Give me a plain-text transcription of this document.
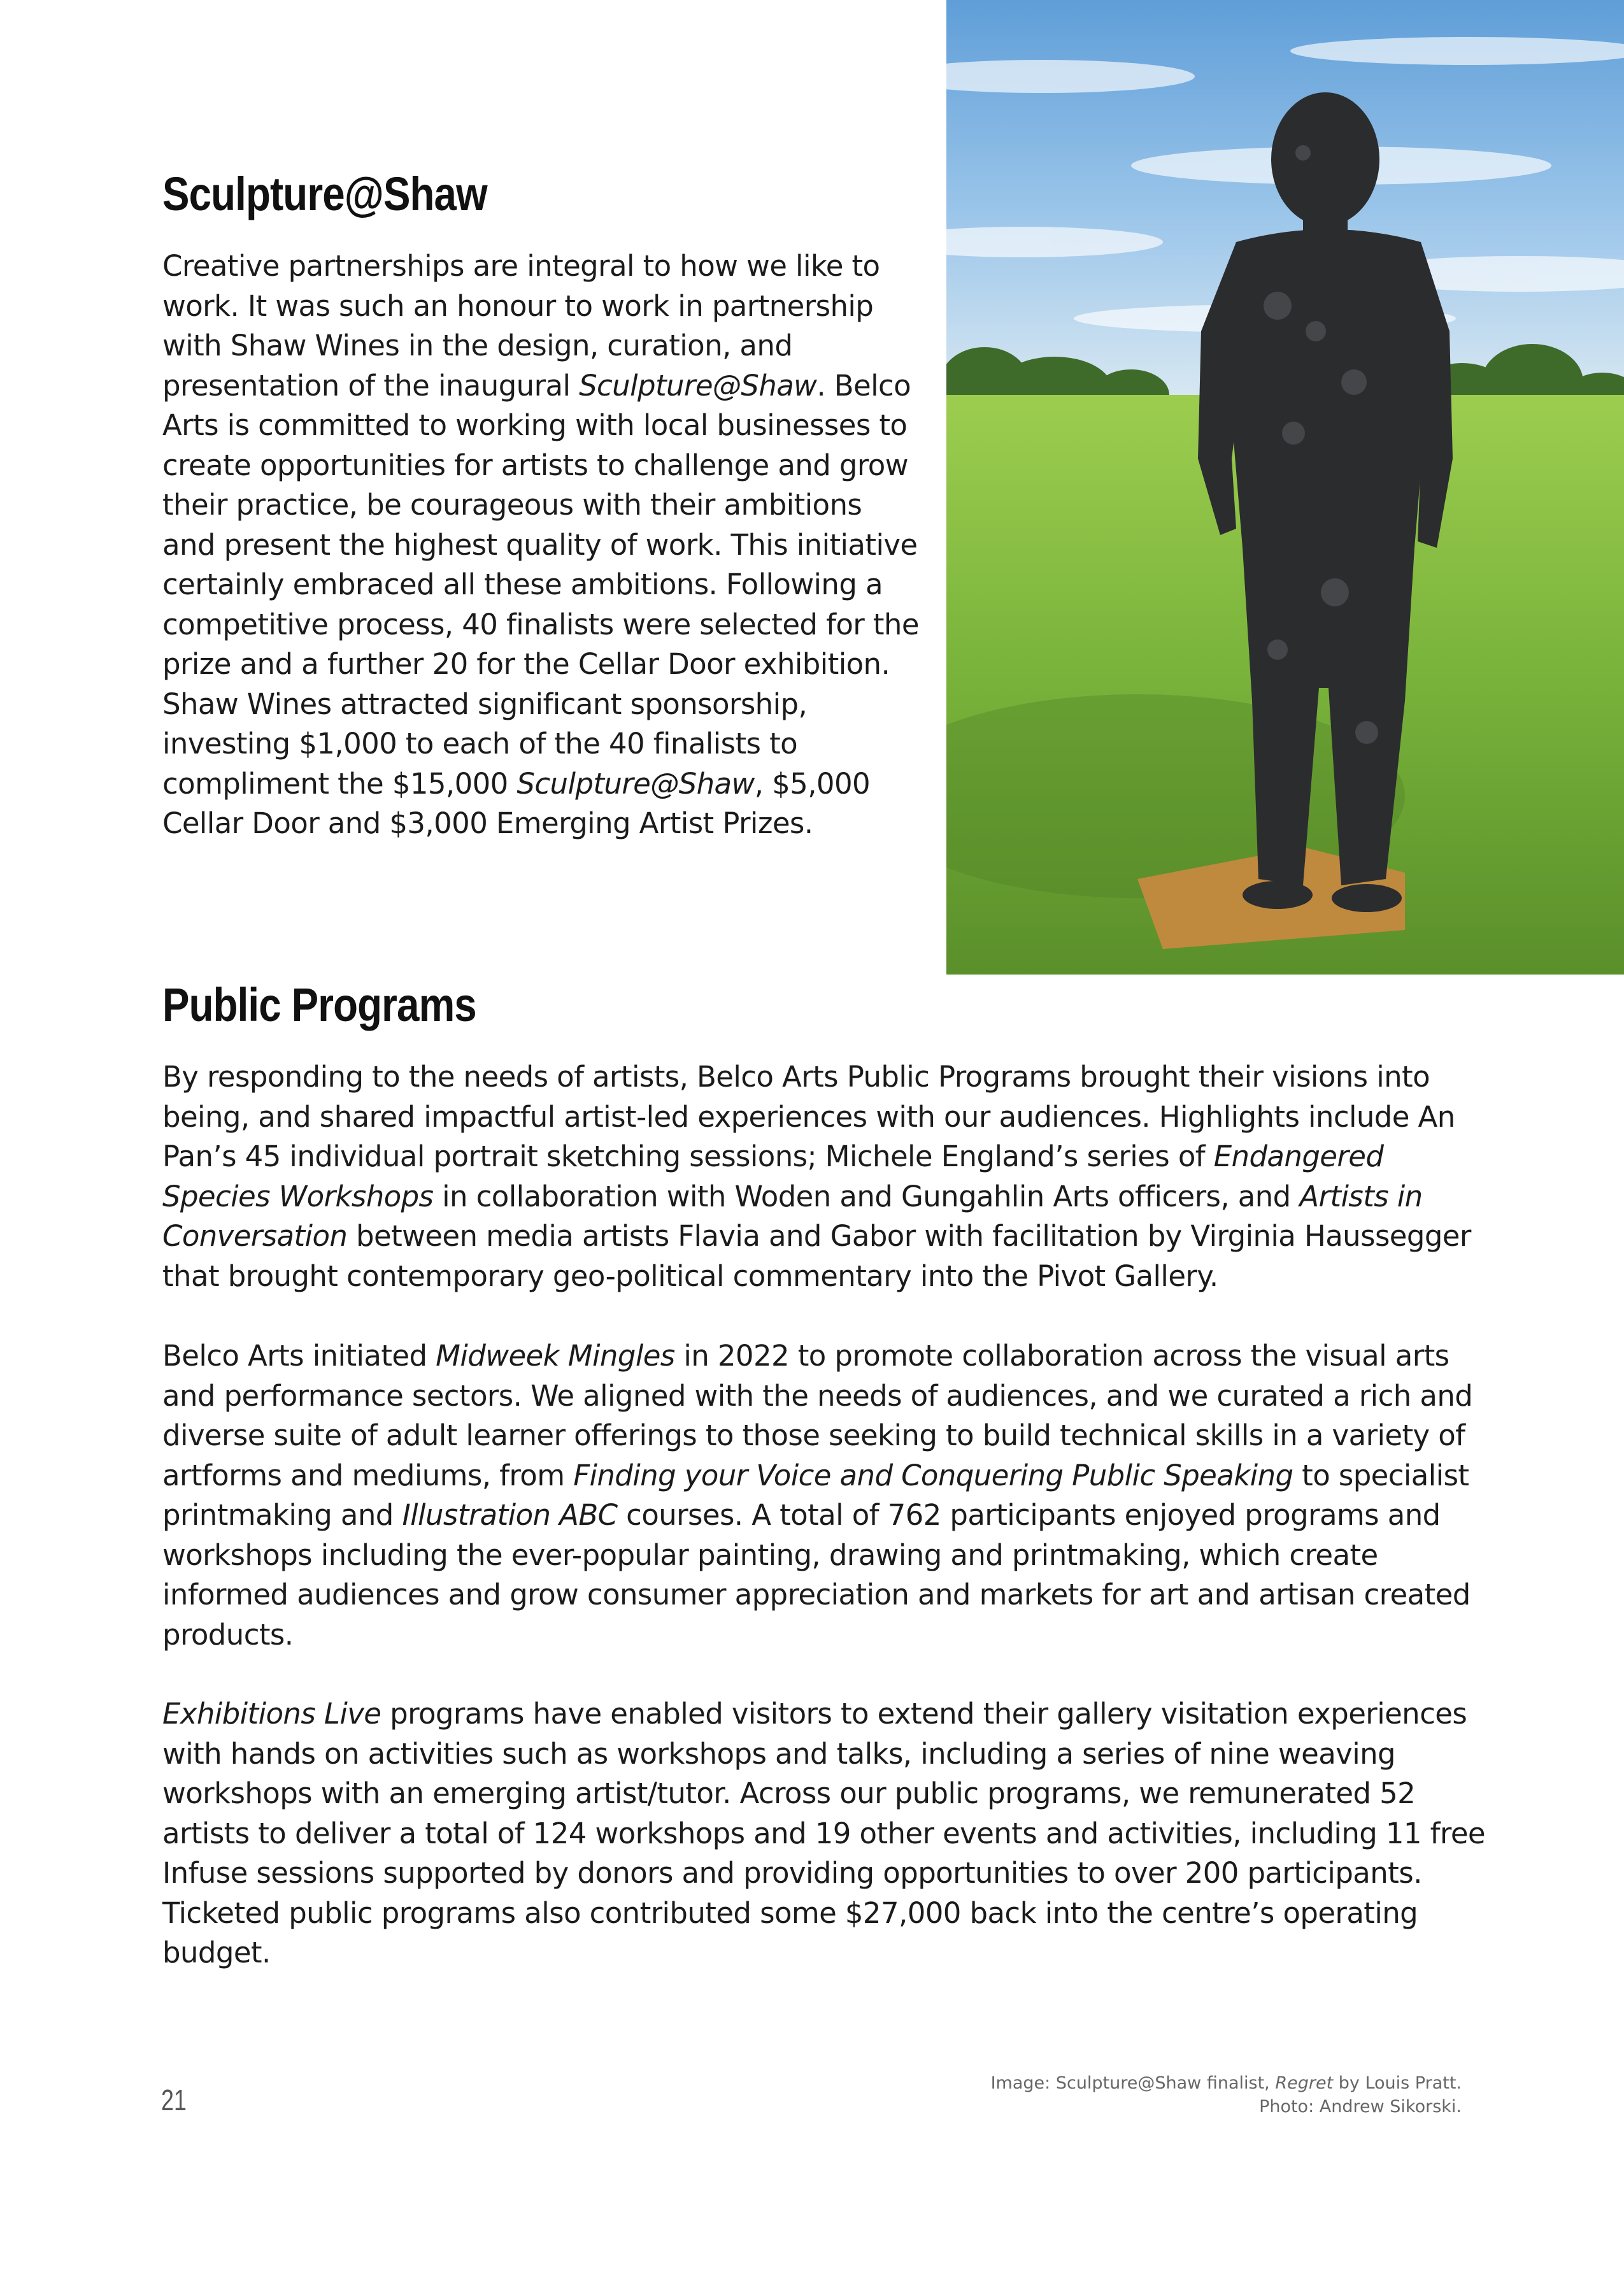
Sculpture@Shaw

Creative partnerships are integral to how we like to work. It was such an honour to work in partnership with Shaw Wines in the design, curation, and presentation of the inaugural Sculpture@Shaw. Belco Arts is committed to working with local businesses to create opportunities for artists to challenge and grow their practice, be courageous with their ambitions and present the highest quality of work. This initiative certainly embraced all these ambitions. Following a competitive process, 40 finalists were selected for the prize and a further 20 for the Cellar Door exhibition. Shaw Wines attracted significant sponsorship, investing $1,000 to each of the 40 finalists to compliment the $15,000 Sculpture@Shaw, $5,000 Cellar Door and $3,000 Emerging Artist Prizes.

Public Programs

By responding to the needs of artists, Belco Arts Public Programs brought their visions into being, and shared impactful artist-led experiences with our audiences. Highlights include An Pan’s 45 individual portrait sketching sessions; Michele England’s series of Endangered Species Workshops in collaboration with Woden and Gungahlin Arts officers, and Artists in Conversation between media artists Flavia and Gabor with facilitation by Virginia Haussegger that brought contemporary geo-political commentary into the Pivot Gallery.

Belco Arts initiated Midweek Mingles in 2022 to promote collaboration across the visual arts and performance sectors. We aligned with the needs of audiences, and we curated a rich and diverse suite of adult learner offerings to those seeking to build technical skills in a variety of artforms and mediums, from Finding your Voice and Conquering Public Speaking to specialist printmaking and Illustration ABC courses. A total of 762 participants enjoyed programs and workshops including the ever-popular painting, drawing and printmaking, which create informed audiences and grow consumer appreciation and markets for art and artisan created products.

Exhibitions Live programs have enabled visitors to extend their gallery visitation experiences with hands on activities such as workshops and talks, including a series of nine weaving workshops with an emerging artist/tutor. Across our public programs, we remunerated 52 artists to deliver a total of 124 workshops and 19 other events and activities, including 11 free Infuse sessions supported by donors and providing opportunities to over 200 participants. Ticketed public programs also contributed some $27,000 back into the centre’s operating budget.

21
Image: Sculpture@Shaw finalist, Regret by Louis Pratt.
Photo: Andrew Sikorski.
